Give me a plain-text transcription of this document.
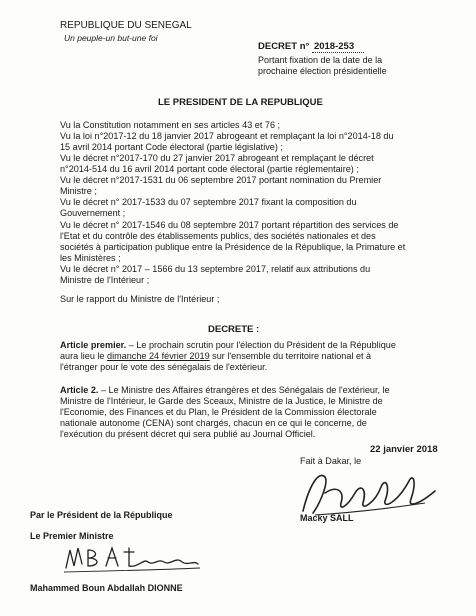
REPUBLIQUE DU SENEGAL
Un peuple-un but-une foi
DECRET n° 2018-253
Portant fixation de la date de la
prochaine élection présidentielle
LE PRESIDENT DE LA REPUBLIQUE
Vu la Constitution notamment en ses articles 43 et 76 ;
Vu la loi n°2017-12 du 18 janvier 2017 abrogeant et remplaçant la loi n°2014-18 du
15 avril 2014 portant Code électoral (partie législative) ;
Vu le décret n°2017-170 du 27 janvier 2017 abrogeant et remplaçant le décret
n°2014-514 du 16 avril 2014 portant code électoral (partie réglementaire) ;
Vu le décret n°2017-1531 du 06 septembre 2017 portant nomination du Premier
Ministre ;
Vu le décret n° 2017-1533 du 07 septembre 2017 fixant la composition du
Gouvernement ;
Vu le décret n° 2017-1546 du 08 septembre 2017 portant répartition des services de
l'Etat et du contrôle des établissements publics, des sociétés nationales et des
sociétés à participation publique entre la Présidence de la République, la Primature et
les Ministères ;
Vu le décret n° 2017 – 1566 du 13 septembre 2017, relatif aux attributions du
Ministre de l'Intérieur ;
Sur le rapport du Ministre de l'Intérieur ;
DECRETE :
Article premier. – Le prochain scrutin pour l'élection du Président de la République
aura lieu le dimanche 24 février 2019 sur l'ensemble du territoire national et à
l'étranger pour le vote des sénégalais de l'extérieur.
Article 2. – Le Ministre des Affaires étrangères et des Sénégalais de l'extérieur, le
Ministre de l'Intérieur, le Garde des Sceaux, Ministre de la Justice, le Ministre de
l'Economie, des Finances et du Plan, le Président de la Commission électorale
nationale autonome (CENA) sont chargés, chacun en ce qui le concerne, de
l'exécution du présent décret qui sera publié au Journal Officiel.
Fait à Dakar, le
22 janvier 2018
Macky SALL
Par le Président de la République
Le Premier Ministre
Mahammed Boun Abdallah DIONNE
